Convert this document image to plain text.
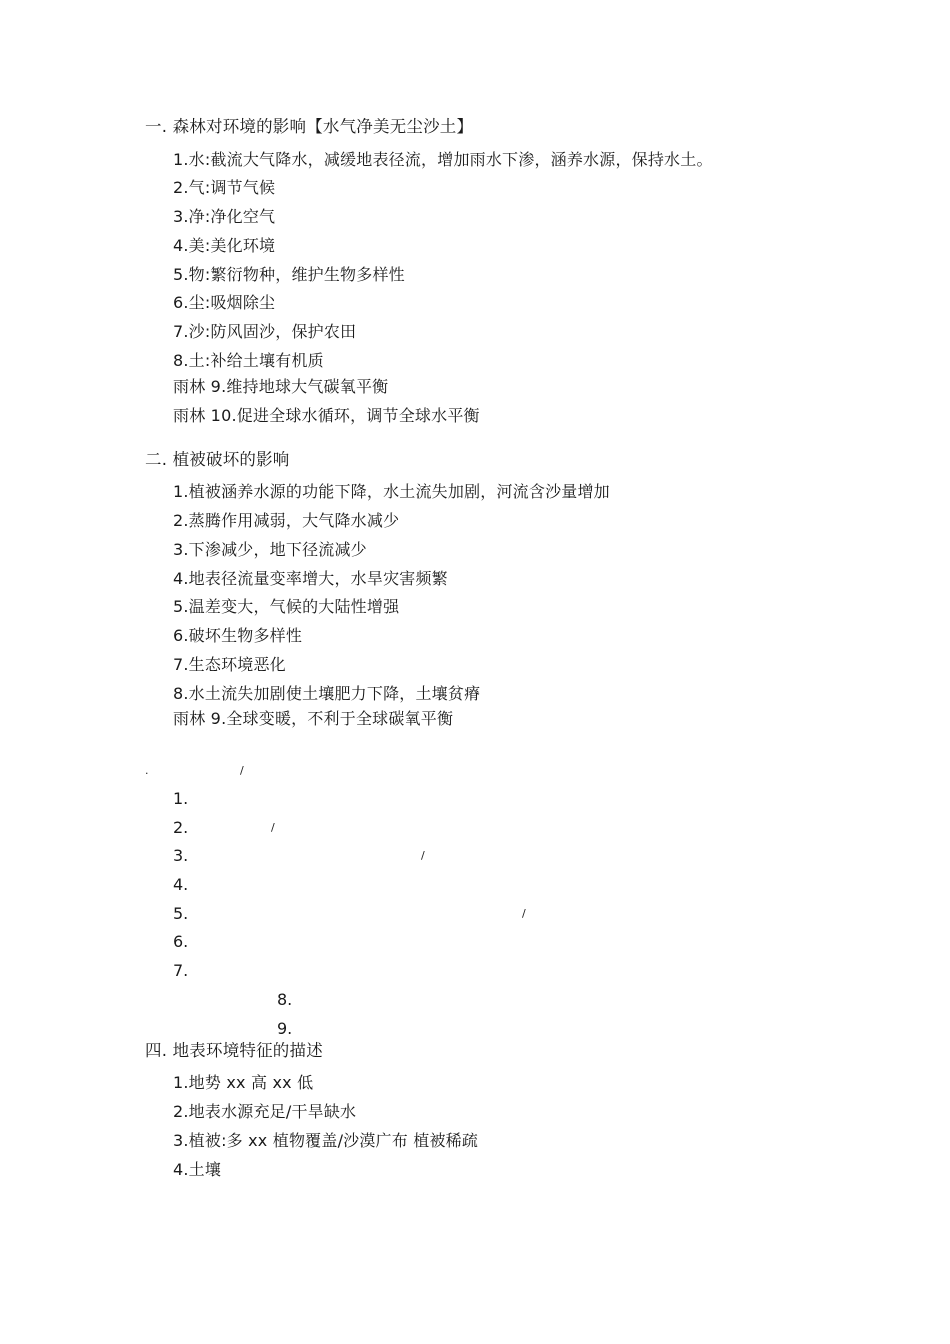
一. 森林对环境的影响【水气净美无尘沙土】
1.水:截流大气降水，减缓地表径流，增加雨水下渗，涵养水源，保持水土。
2.气:调节气候
3.净:净化空气
4.美:美化环境
5.物:繁衍物种，维护生物多样性
6.尘:吸烟除尘
7.沙:防风固沙，保护农田
8.土:补给土壤有机质
雨林 9.维持地球大气碳氧平衡
雨林 10.促进全球水循环，调节全球水平衡
二. 植被破坏的影响
1.植被涵养水源的功能下降，水土流失加剧，河流含沙量增加
2.蒸腾作用减弱，大气降水减少
3.下渗减少，地下径流减少
4.地表径流量变率增大，水旱灾害频繁
5.温差变大，气候的大陆性增强
6.破坏生物多样性
7.生态环境恶化
8.水土流失加剧使土壤肥力下降，土壤贫瘠
雨林 9.全球变暖，不利于全球碳氧平衡
.	/
1.
2.	/
3.	/
4.
5.	/
6.
7.
8.
9.
四. 地表环境特征的描述
1.地势 xx 高 xx 低
2.地表水源充足/干旱缺水
3.植被:多 xx 植物覆盖/沙漠广布 植被稀疏
4.土壤
